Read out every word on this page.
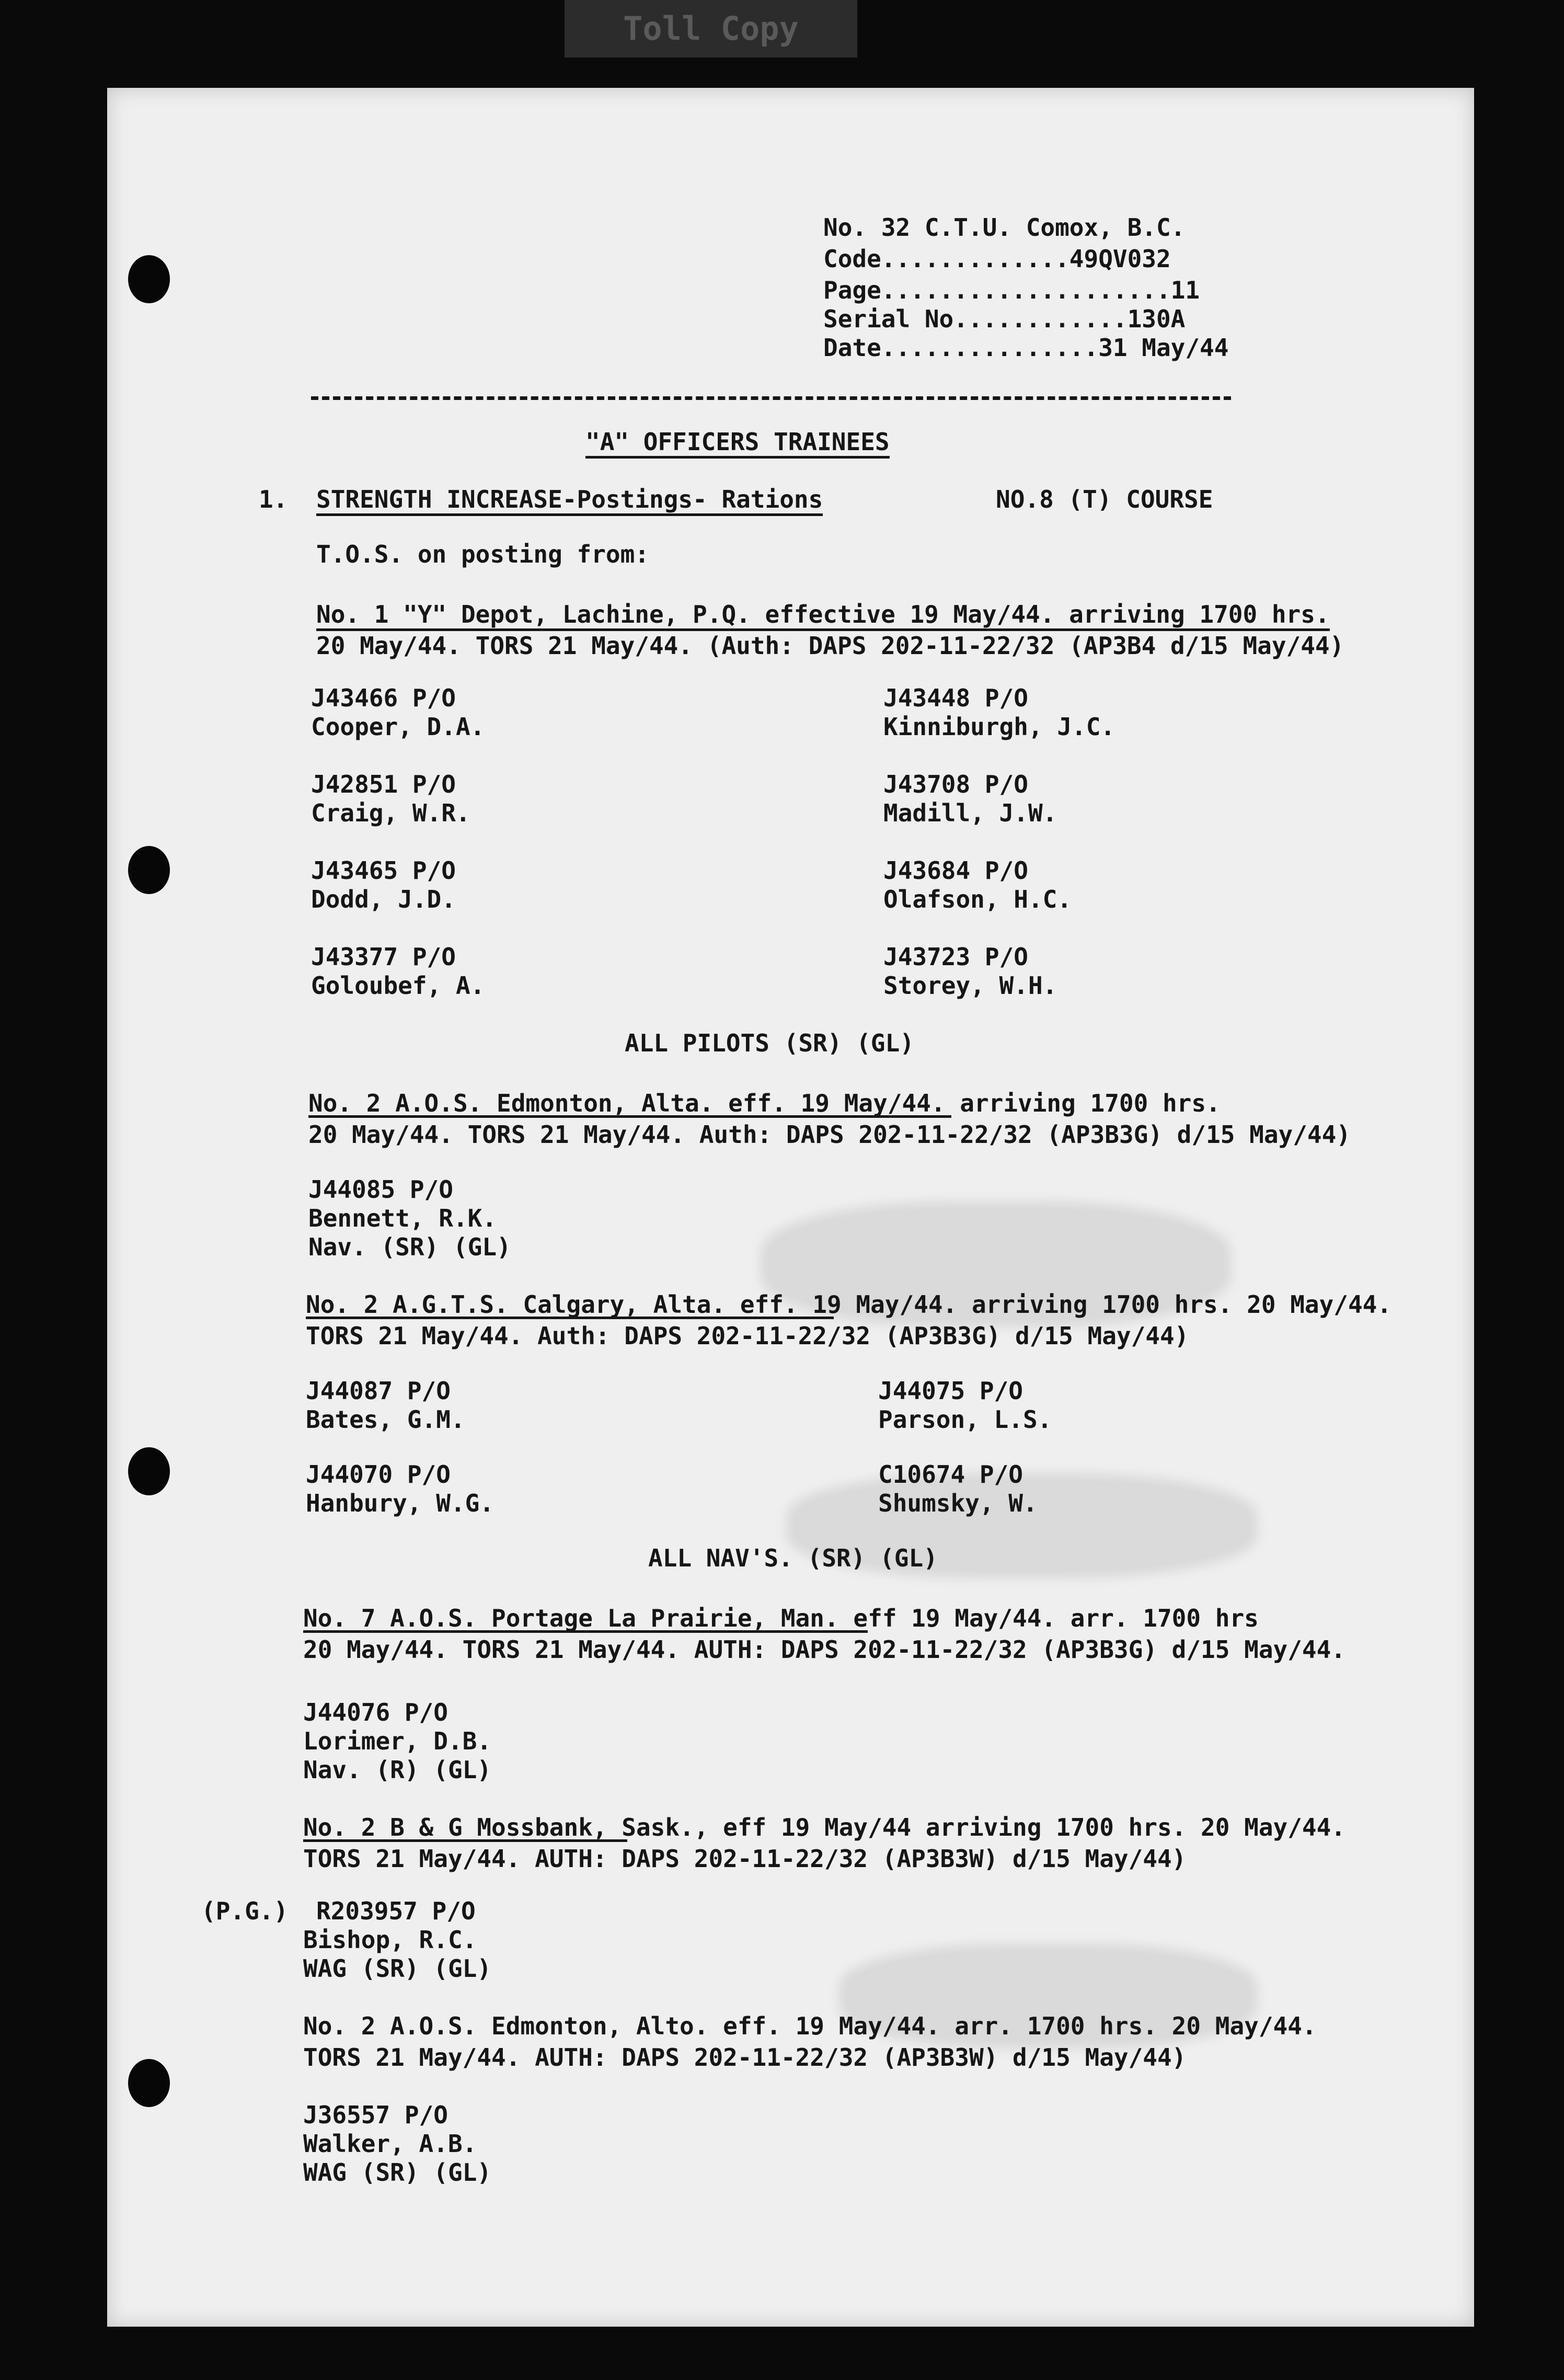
Toll Copy
No. 32 C.T.U. Comox, B.C.
Code.............49QV032
Page....................11
Serial No............130A
Date...............31 May/44
"A" OFFICERS TRAINEES
1. STRENGTH INCREASE-Postings- Rations	NO.8 (T) COURSE
T.O.S. on posting from:
No. 1 "Y" Depot, Lachine, P.Q. effective 19 May/44. arriving 1700 hrs.
20 May/44. TORS 21 May/44. (Auth: DAPS 202-11-22/32 (AP3B4 d/15 May/44)
J43466 P/O
Cooper, D.A.
J42851 P/O
Craig, W.R.
J43465 P/O
Dodd, J.D.
J43377 P/O
Goloubef, A.
J43448 P/O
Kinniburgh, J.C.
J43708 P/O
Madill, J.W.
J43684 P/O
Olafson, H.C.
J43723 P/O
Storey, W.H.
ALL PILOTS (SR) (GL)
No. 2 A.O.S. Edmonton, Alta. eff. 19 May/44. arriving 1700 hrs.
20 May/44. TORS 21 May/44. Auth: DAPS 202-11-22/32 (AP3B3G) d/15 May/44)
J44085 P/O
Bennett, R.K.
Nav. (SR) (GL)
No. 2 A.G.T.S. Calgary, Alta. eff. 19 May/44. arriving 1700 hrs. 20 May/44.
TORS 21 May/44. Auth: DAPS 202-11-22/32 (AP3B3G) d/15 May/44)
J44087 P/O
Bates, G.M.
J44070 P/O
Hanbury, W.G.
J44075 P/O
Parson, L.S.
C10674 P/O
Shumsky, W.
ALL NAV'S. (SR) (GL)
No. 7 A.O.S. Portage La Prairie, Man. eff 19 May/44. arr. 1700 hrs
20 May/44. TORS 21 May/44. AUTH: DAPS 202-11-22/32 (AP3B3G) d/15 May/44.
J44076 P/O
Lorimer, D.B.
Nav. (R) (GL)
No. 2 B & G Mossbank, Sask., eff 19 May/44 arriving 1700 hrs. 20 May/44.
TORS 21 May/44. AUTH: DAPS 202-11-22/32 (AP3B3W) d/15 May/44)
(P.G.) R203957 P/O
Bishop, R.C.
WAG (SR) (GL)
No. 2 A.O.S. Edmonton, Alto. eff. 19 May/44. arr. 1700 hrs. 20 May/44.
TORS 21 May/44. AUTH: DAPS 202-11-22/32 (AP3B3W) d/15 May/44)
J36557 P/O
Walker, A.B.
WAG (SR) (GL)
